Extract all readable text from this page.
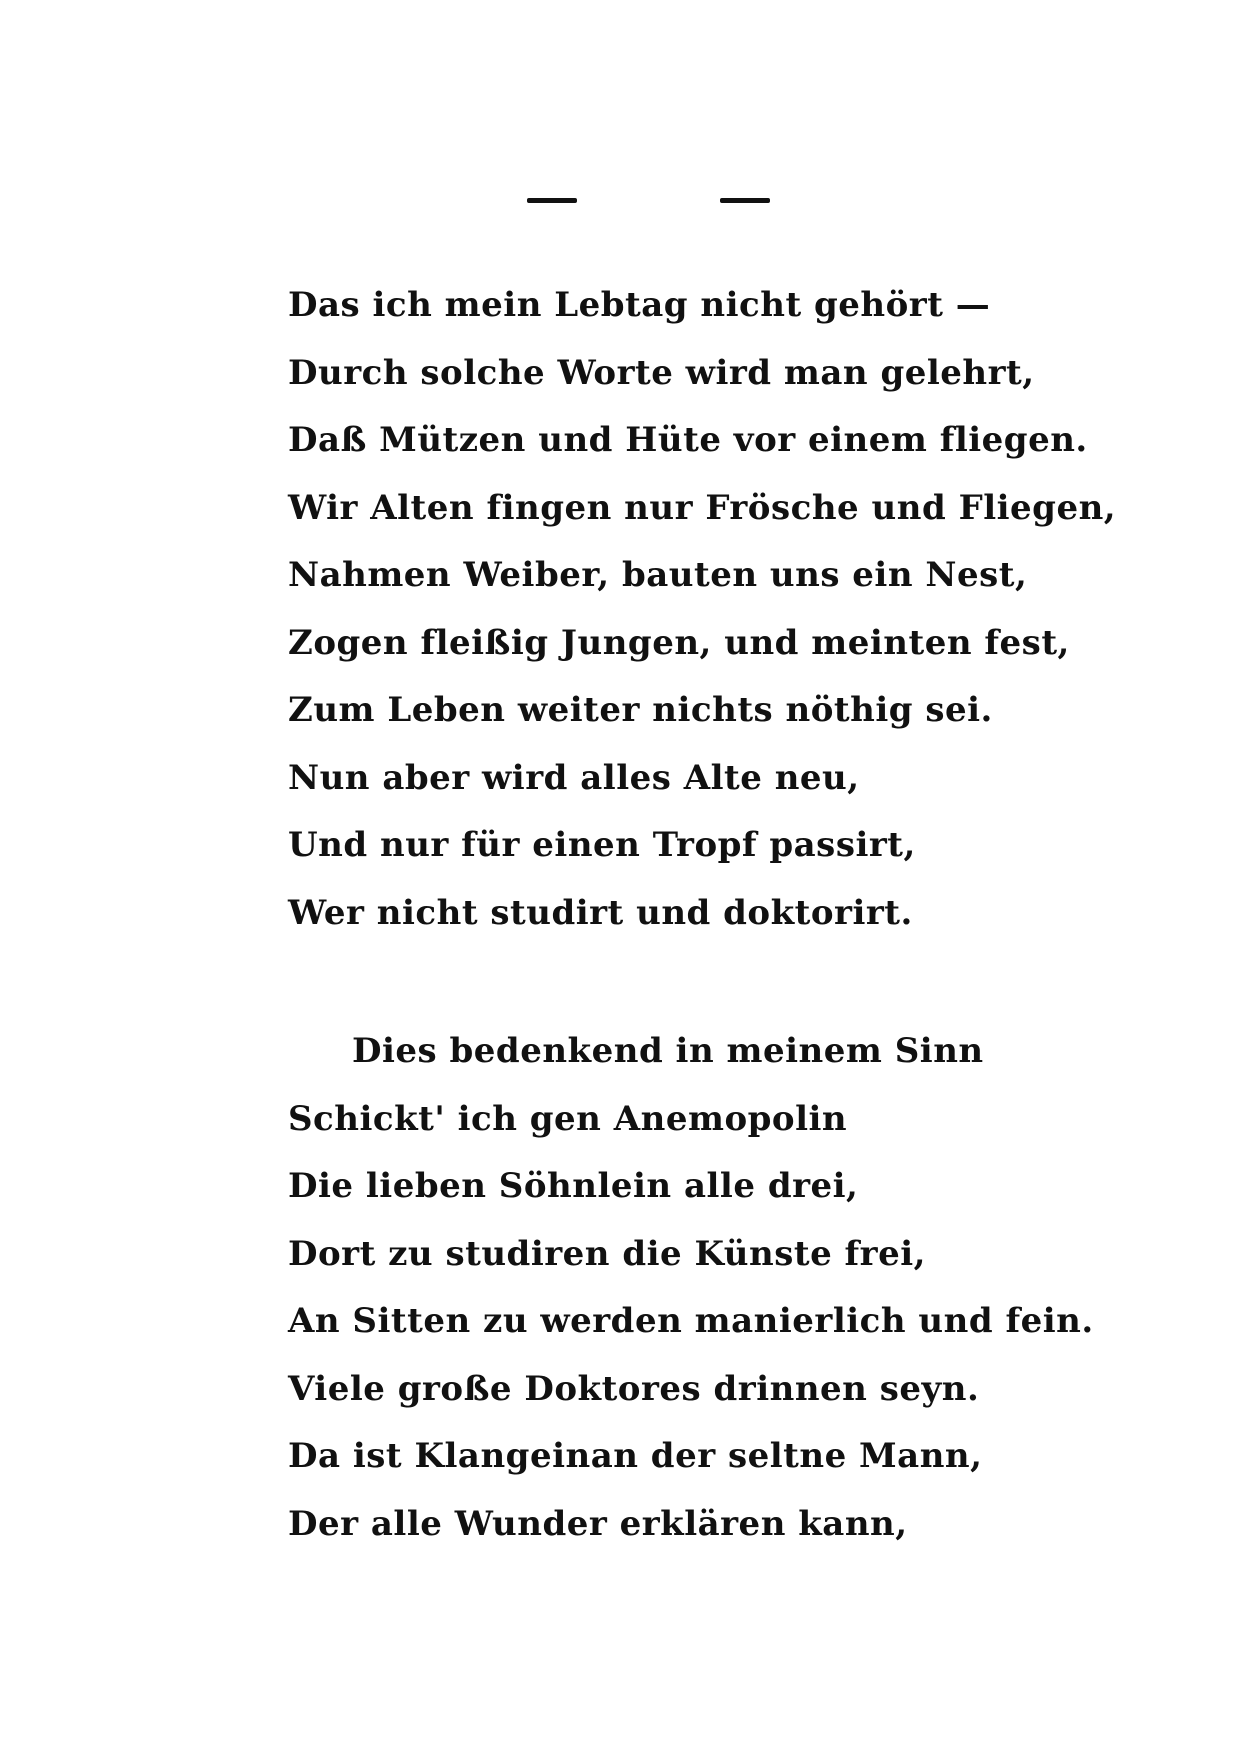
Das ich mein Lebtag nicht gehört —
Durch solche Worte wird man gelehrt,
Daß Mützen und Hüte vor einem fliegen.
Wir Alten fingen nur Frösche und Fliegen,
Nahmen Weiber, bauten uns ein Nest,
Zogen fleißig Jungen, und meinten fest,
Zum Leben weiter nichts nöthig sei.
Nun aber wird alles Alte neu,
Und nur für einen Tropf passirt,
Wer nicht studirt und doktorirt.
Dies bedenkend in meinem Sinn
Schickt' ich gen Anemopolin
Die lieben Söhnlein alle drei,
Dort zu studiren die Künste frei,
An Sitten zu werden manierlich und fein.
Viele große Doktores drinnen seyn.
Da ist Klangeinan der seltne Mann,
Der alle Wunder erklären kann,
